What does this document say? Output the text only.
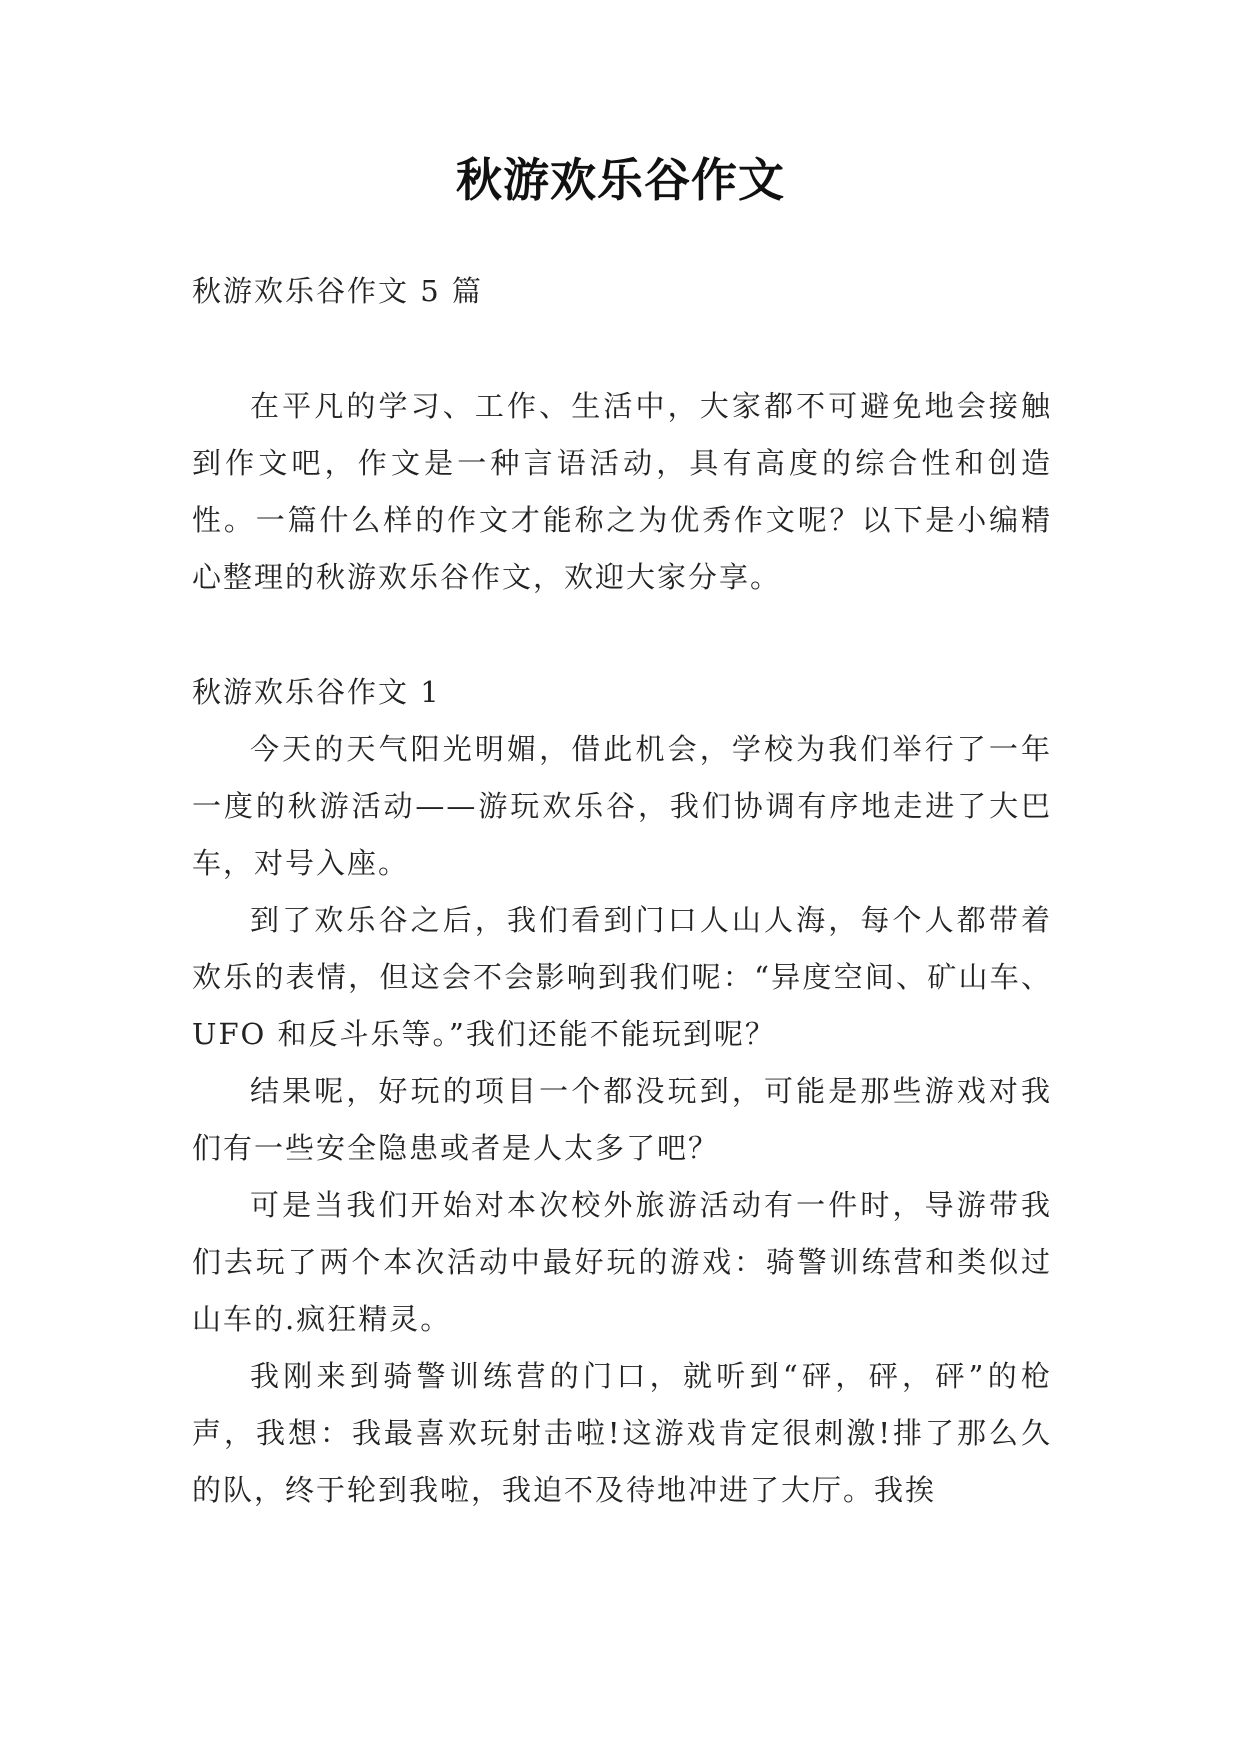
秋游欢乐谷作文

秋游欢乐谷作文 5 篇

在平凡的学习、工作、生活中，大家都不可避免地会接触到作文吧，作文是一种言语活动，具有高度的综合性和创造性。一篇什么样的作文才能称之为优秀作文呢？以下是小编精心整理的秋游欢乐谷作文，欢迎大家分享。

秋游欢乐谷作文 1

今天的天气阳光明媚，借此机会，学校为我们举行了一年一度的秋游活动——游玩欢乐谷，我们协调有序地走进了大巴车，对号入座。

到了欢乐谷之后，我们看到门口人山人海，每个人都带着欢乐的表情，但这会不会影响到我们呢：“异度空间、矿山车、UFO 和反斗乐等。”我们还能不能玩到呢？

结果呢，好玩的项目一个都没玩到，可能是那些游戏对我们有一些安全隐患或者是人太多了吧？

可是当我们开始对本次校外旅游活动有一件时，导游带我们去玩了两个本次活动中最好玩的游戏：骑警训练营和类似过山车的.疯狂精灵。

我刚来到骑警训练营的门口，就听到“砰，砰，砰”的枪声，我想：我最喜欢玩射击啦!这游戏肯定很刺激!排了那么久的队，终于轮到我啦，我迫不及待地冲进了大厅。我挨
